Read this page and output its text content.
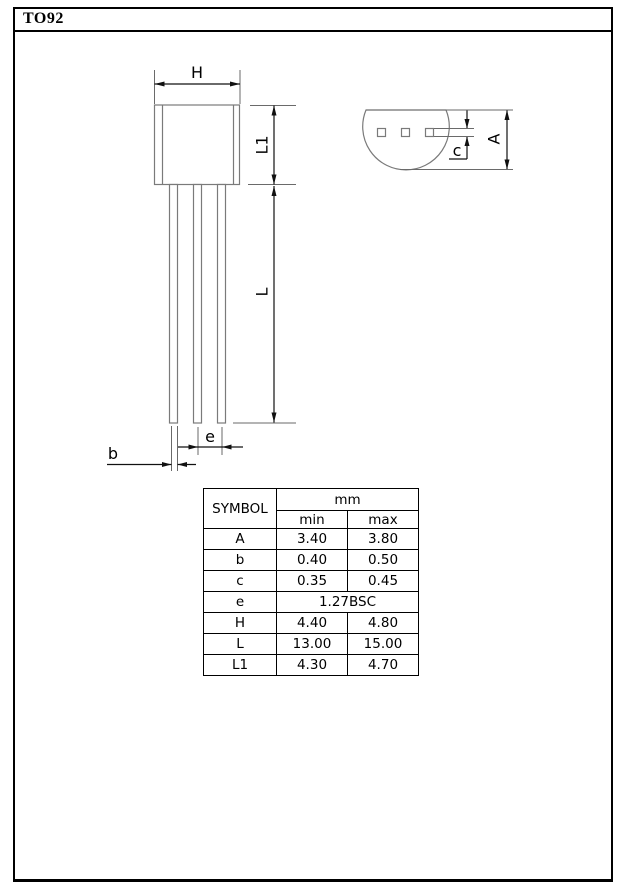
TO92
H
L1
L
e
b
c
A
SYMBOL	mm	
	min	max
A	3.40	3.80
b	0.40	0.50
c	0.35	0.45
e	1.27BSC	
H	4.40	4.80
L	13.00	15.00
L1	4.30	4.70
